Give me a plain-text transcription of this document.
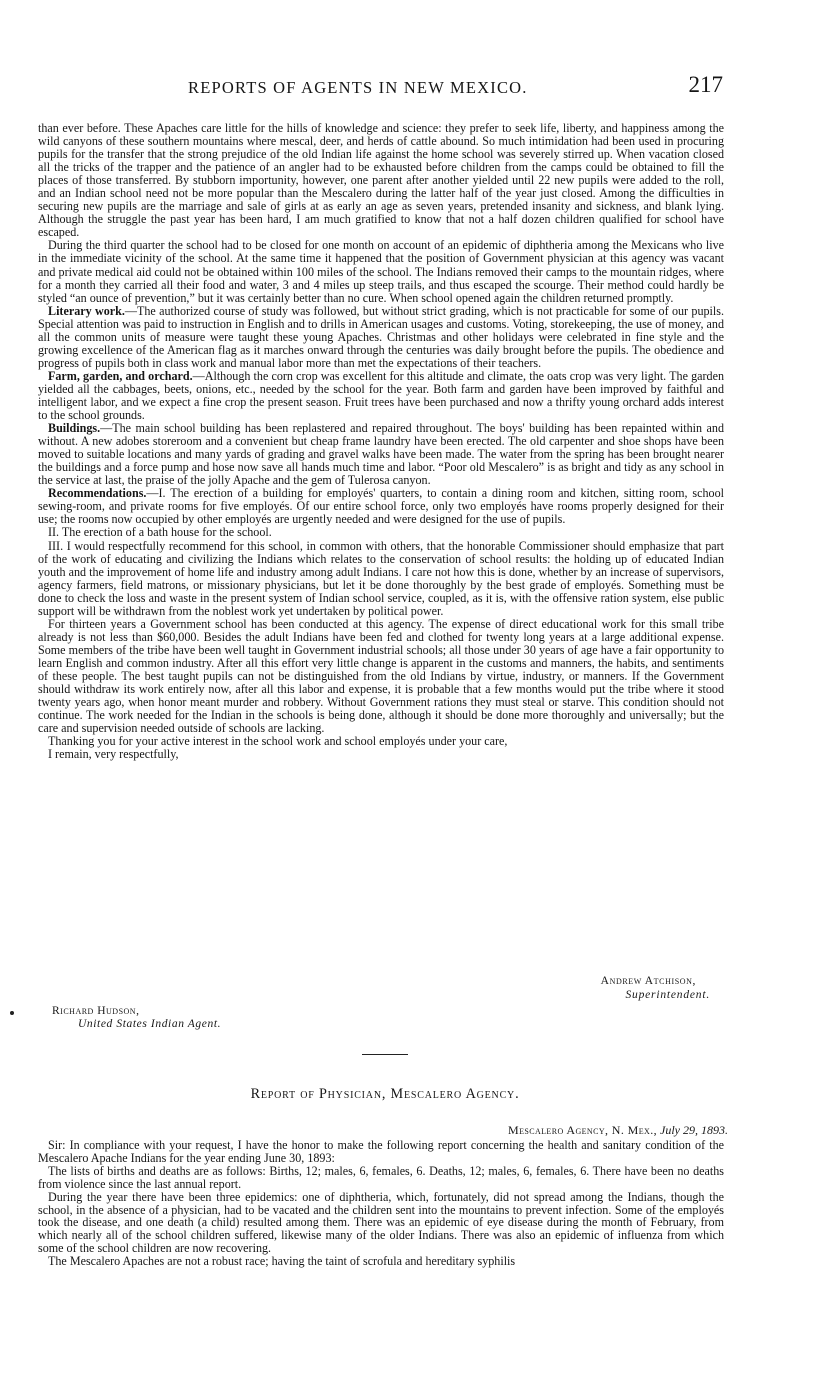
REPORTS OF AGENTS IN NEW MEXICO.	217

than ever before. These Apaches care little for the hills of knowledge and science: they prefer to seek life, liberty, and happiness among the wild canyons of these southern mountains where mescal, deer, and herds of cattle abound. So much intimidation had been used in procuring pupils for the transfer that the strong prejudice of the old Indian life against the home school was severely stirred up. When vacation closed all the tricks of the trapper and the patience of an angler had to be exhausted before children from the camps could be obtained to fill the places of those transferred. By stubborn importunity, however, one parent after another yielded until 22 new pupils were added to the roll, and an Indian school need not be more popular than the Mescalero during the latter half of the year just closed. Among the difficulties in securing new pupils are the marriage and sale of girls at as early an age as seven years, pretended insanity and sickness, and blank lying. Although the struggle the past year has been hard, I am much gratified to know that not a half dozen children qualified for school have escaped.

During the third quarter the school had to be closed for one month on account of an epidemic of diphtheria among the Mexicans who live in the immediate vicinity of the school. At the same time it happened that the position of Government physician at this agency was vacant and private medical aid could not be obtained within 100 miles of the school. The Indians removed their camps to the mountain ridges, where for a month they carried all their food and water, 3 and 4 miles up steep trails, and thus escaped the scourge. Their method could hardly be styled “an ounce of prevention,” but it was certainly better than no cure. When school opened again the children returned promptly.

Literary work.—The authorized course of study was followed, but without strict grading, which is not practicable for some of our pupils. Special attention was paid to instruction in English and to drills in American usages and customs. Voting, storekeeping, the use of money, and all the common units of measure were taught these young Apaches. Christmas and other holidays were celebrated in fine style and the growing excellence of the American flag as it marches onward through the centuries was daily brought before the pupils. The obedience and progress of pupils both in class work and manual labor more than met the expectations of their teachers.

Farm, garden, and orchard.—Although the corn crop was excellent for this altitude and climate, the oats crop was very light. The garden yielded all the cabbages, beets, onions, etc., needed by the school for the year. Both farm and garden have been improved by faithful and intelligent labor, and we expect a fine crop the present season. Fruit trees have been purchased and now a thrifty young orchard adds interest to the school grounds.

Buildings.—The main school building has been replastered and repaired throughout. The boys' building has been repainted within and without. A new adobes storeroom and a convenient but cheap frame laundry have been erected. The old carpenter and shoe shops have been moved to suitable locations and many yards of grading and gravel walks have been made. The water from the spring has been brought nearer the buildings and a force pump and hose now save all hands much time and labor. “Poor old Mescalero” is as bright and tidy as any school in the service at last, the praise of the jolly Apache and the gem of Tulerosa canyon.

Recommendations.—I. The erection of a building for employés' quarters, to contain a dining room and kitchen, sitting room, school sewing-room, and private rooms for five employés. Of our entire school force, only two employés have rooms properly designed for their use; the rooms now occupied by other employés are urgently needed and were designed for the use of pupils.

II. The erection of a bath house for the school.

III. I would respectfully recommend for this school, in common with others, that the honorable Commissioner should emphasize that part of the work of educating and civilizing the Indians which relates to the conservation of school results: the holding up of educated Indian youth and the improvement of home life and industry among adult Indians. I care not how this is done, whether by an increase of supervisors, agency farmers, field matrons, or missionary physicians, but let it be done thoroughly by the best grade of employés. Something must be done to check the loss and waste in the present system of Indian school service, coupled, as it is, with the offensive ration system, else public support will be withdrawn from the noblest work yet undertaken by political power.

For thirteen years a Government school has been conducted at this agency. The expense of direct educational work for this small tribe already is not less than $60,000. Besides the adult Indians have been fed and clothed for twenty long years at a large additional expense. Some members of the tribe have been well taught in Government industrial schools; all those under 30 years of age have a fair opportunity to learn English and common industry. After all this effort very little change is apparent in the customs and manners, the habits, and sentiments of these people. The best taught pupils can not be distinguished from the old Indians by virtue, industry, or manners. If the Government should withdraw its work entirely now, after all this labor and expense, it is probable that a few months would put the tribe where it stood twenty years ago, when honor meant murder and robbery. Without Government rations they must steal or starve. This condition should not continue. The work needed for the Indian in the schools is being done, although it should be done more thoroughly and universally; but the care and supervision needed outside of schools are lacking.

Thanking you for your active interest in the school work and school employés under your care,

I remain, very respectfully,

Andrew Atchison,
Superintendent.
Richard Hudson,
United States Indian Agent.
Report of Physician, Mescalero Agency.
Mescalero Agency, N. Mex., July 29, 1893.

Sir: In compliance with your request, I have the honor to make the following report concerning the health and sanitary condition of the Mescalero Apache Indians for the year ending June 30, 1893:

The lists of births and deaths are as follows: Births, 12; males, 6, females, 6. Deaths, 12; males, 6, females, 6. There have been no deaths from violence since the last annual report.

During the year there have been three epidemics: one of diphtheria, which, fortunately, did not spread among the Indians, though the school, in the absence of a physician, had to be vacated and the children sent into the mountains to prevent infection. Some of the employés took the disease, and one death (a child) resulted among them. There was an epidemic of eye disease during the month of February, from which nearly all of the school children suffered, likewise many of the older Indians. There was also an epidemic of influenza from which some of the school children are now recovering.

The Mescalero Apaches are not a robust race; having the taint of scrofula and hereditary syphilis
